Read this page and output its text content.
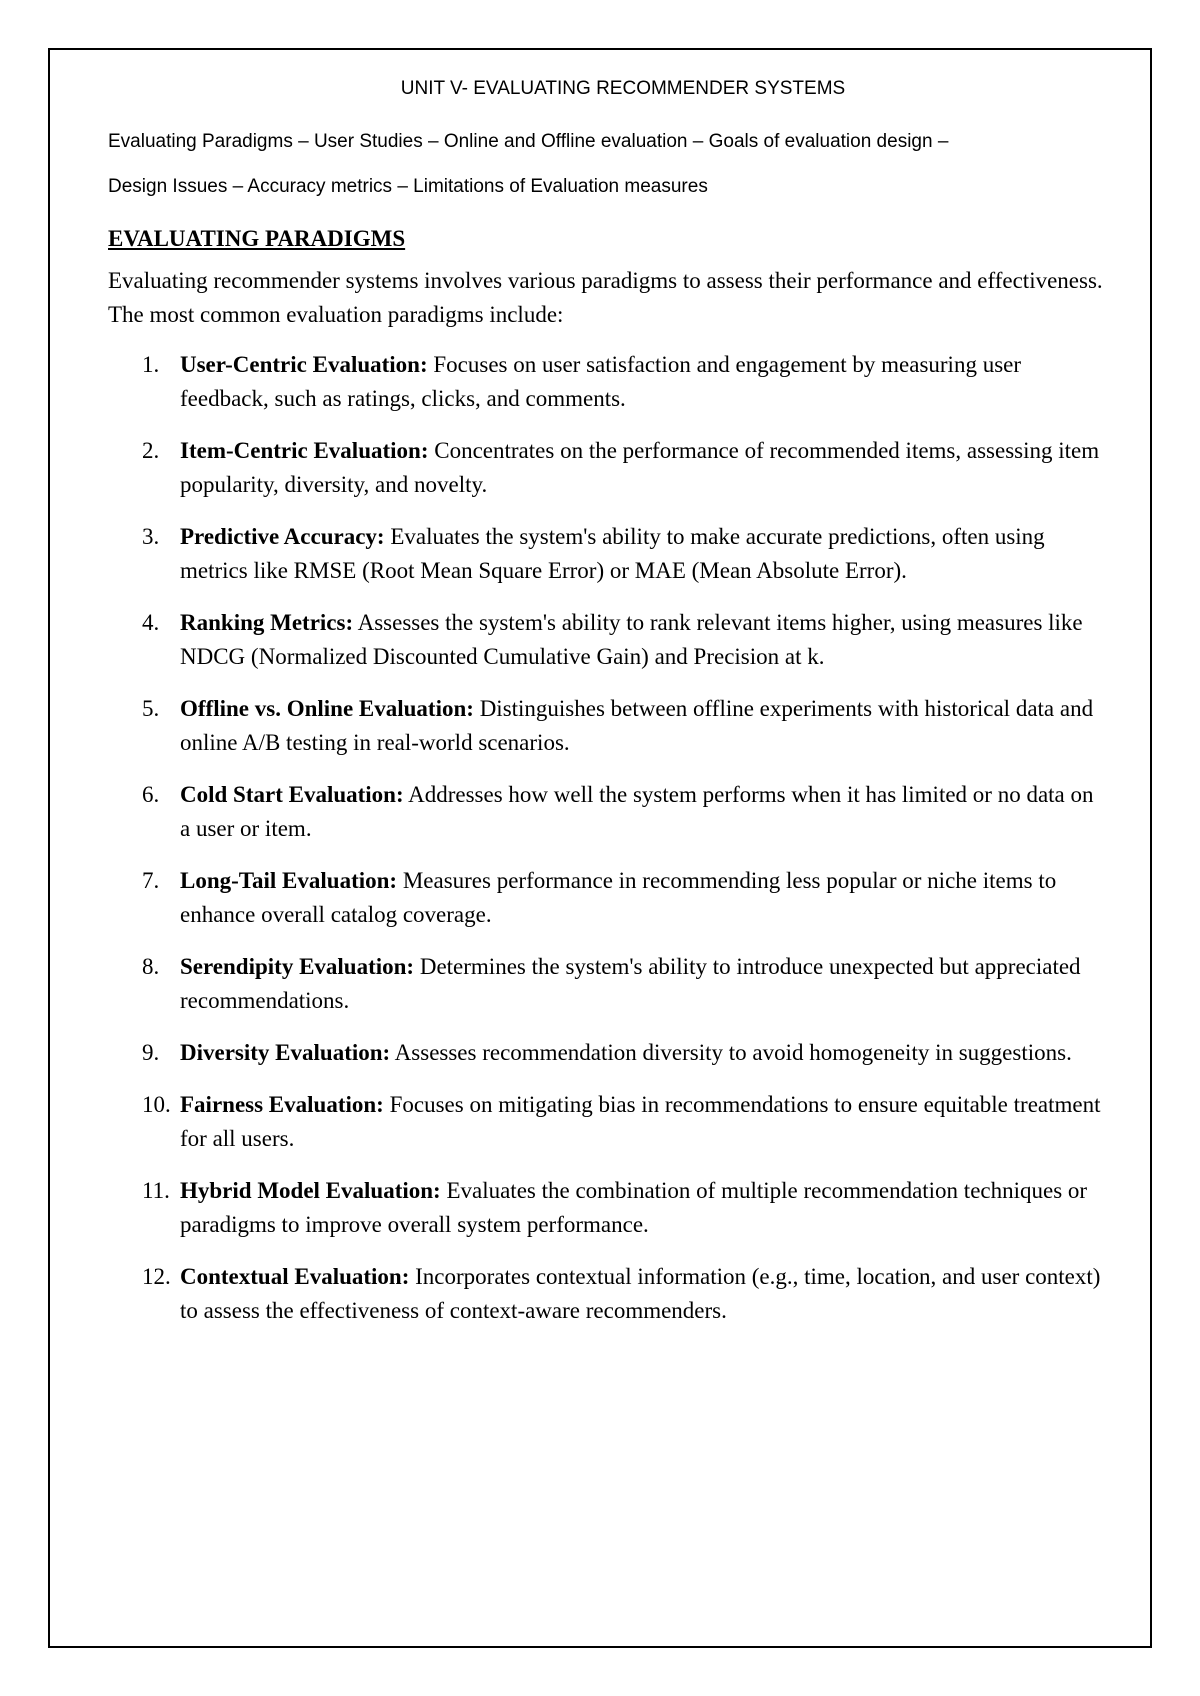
UNIT V- EVALUATING RECOMMENDER SYSTEMS
Evaluating Paradigms – User Studies – Online and Offline evaluation – Goals of evaluation design –
Design Issues – Accuracy metrics – Limitations of Evaluation measures
EVALUATING PARADIGMS
Evaluating recommender systems involves various paradigms to assess their performance and effectiveness. The most common evaluation paradigms include:
1. User-Centric Evaluation: Focuses on user satisfaction and engagement by measuring user feedback, such as ratings, clicks, and comments.
2. Item-Centric Evaluation: Concentrates on the performance of recommended items, assessing item popularity, diversity, and novelty.
3. Predictive Accuracy: Evaluates the system's ability to make accurate predictions, often using metrics like RMSE (Root Mean Square Error) or MAE (Mean Absolute Error).
4. Ranking Metrics: Assesses the system's ability to rank relevant items higher, using measures like NDCG (Normalized Discounted Cumulative Gain) and Precision at k.
5. Offline vs. Online Evaluation: Distinguishes between offline experiments with historical data and online A/B testing in real-world scenarios.
6. Cold Start Evaluation: Addresses how well the system performs when it has limited or no data on a user or item.
7. Long-Tail Evaluation: Measures performance in recommending less popular or niche items to enhance overall catalog coverage.
8. Serendipity Evaluation: Determines the system's ability to introduce unexpected but appreciated recommendations.
9. Diversity Evaluation: Assesses recommendation diversity to avoid homogeneity in suggestions.
10. Fairness Evaluation: Focuses on mitigating bias in recommendations to ensure equitable treatment for all users.
11. Hybrid Model Evaluation: Evaluates the combination of multiple recommendation techniques or paradigms to improve overall system performance.
12. Contextual Evaluation: Incorporates contextual information (e.g., time, location, and user context) to assess the effectiveness of context-aware recommenders.
